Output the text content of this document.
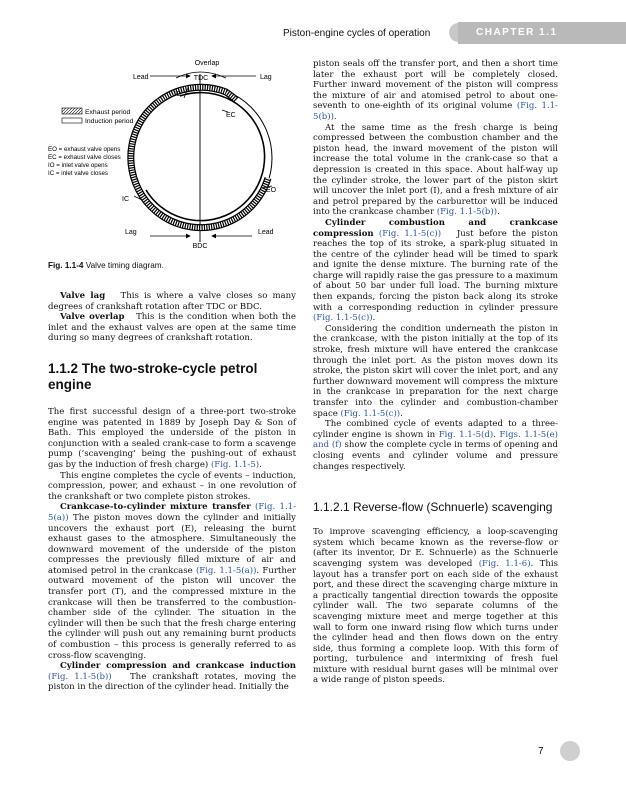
Piston-engine cycles of operation	CHAPTER 1.1
Overlap
Lead	TDC	Lag
IC
EC
EO
IC
Lag
BDC
Lead
Exhaust period
Induction period
EO = exhaust valve opens
EC = exhaust valve closes
IO = inlet valve opens
IC = inlet valve closes
Fig. 1.1-4 Valve timing diagram.

Valve lag This is where a valve closes so many degrees of crankshaft rotation after TDC or BDC.

Valve overlap This is the condition when both the inlet and the exhaust valves are open at the same time during so many degrees of crankshaft rotation.

1.1.2 The two-stroke-cycle petrol engine

The first successful design of a three-port two-stroke engine was patented in 1889 by Joseph Day & Son of Bath. This employed the underside of the piston in conjunction with a sealed crank-case to form a scavenge pump (‘scavenging’ being the pushing-out of exhaust gas by the induction of fresh charge) (Fig. 1.1-5).

This engine completes the cycle of events – induction, compression, power, and exhaust – in one revolution of the crankshaft or two complete piston strokes.

Crankcase-to-cylinder mixture transfer (Fig. 1.1-5(a)) The piston moves down the cylinder and initially uncovers the exhaust port (E), releasing the burnt exhaust gases to the atmosphere. Simultaneously the downward movement of the underside of the piston compresses the previously filled mixture of air and atomised petrol in the crankcase (Fig. 1.1-5(a)). Further outward movement of the piston will uncover the transfer port (T), and the compressed mixture in the crankcase will then be transferred to the combustion-chamber side of the cylinder. The situation in the cylinder will then be such that the fresh charge entering the cylinder will push out any remaining burnt products of combustion – this process is generally referred to as cross-flow scavenging.

Cylinder compression and crankcase induction (Fig. 1.1-5(b)) The crankshaft rotates, moving the piston in the direction of the cylinder head. Initially the

piston seals off the transfer port, and then a short time later the exhaust port will be completely closed. Further inward movement of the piston will compress the mixture of air and atomised petrol to about one-seventh to one-eighth of its original volume (Fig. 1.1-5(b)).

At the same time as the fresh charge is being compressed between the combustion chamber and the piston head, the inward movement of the piston will increase the total volume in the crank-case so that a depression is created in this space. About half-way up the cylinder stroke, the lower part of the piston skirt will uncover the inlet port (I), and a fresh mixture of air and petrol prepared by the carburettor will be induced into the crankcase chamber (Fig. 1.1-5(b)).

Cylinder combustion and crankcase compression (Fig. 1.1-5(c)) Just before the piston reaches the top of its stroke, a spark-plug situated in the centre of the cylinder head will be timed to spark and ignite the dense mixture. The burning rate of the charge will rapidly raise the gas pressure to a maximum of about 50 bar under full load. The burning mixture then expands, forcing the piston back along its stroke with a corresponding reduction in cylinder pressure (Fig. 1.1-5(c)).

Considering the condition underneath the piston in the crankcase, with the piston initially at the top of its stroke, fresh mixture will have entered the crankcase through the inlet port. As the piston moves down its stroke, the piston skirt will cover the inlet port, and any further downward movement will compress the mixture in the crankcase in preparation for the next charge transfer into the cylinder and combustion-chamber space (Fig. 1.1-5(c)).

The combined cycle of events adapted to a three-cylinder engine is shown in Fig. 1.1-5(d). Figs. 1.1-5(e) and (f) show the complete cycle in terms of opening and closing events and cylinder volume and pressure changes respectively.

1.1.2.1 Reverse-flow (Schnuerle) scavenging

To improve scavenging efficiency, a loop-scavenging system which became known as the reverse-flow or (after its inventor, Dr E. Schnuerle) as the Schnuerle scavenging system was developed (Fig. 1.1-6). This layout has a transfer port on each side of the exhaust port, and these direct the scavenging charge mixture in a practically tangential direction towards the opposite cylinder wall. The two separate columns of the scavenging mixture meet and merge together at this wall to form one inward rising flow which turns under the cylinder head and then flows down on the entry side, thus forming a complete loop. With this form of porting, turbulence and intermixing of fresh fuel mixture with residual burnt gases will be minimal over a wide range of piston speeds.

7
